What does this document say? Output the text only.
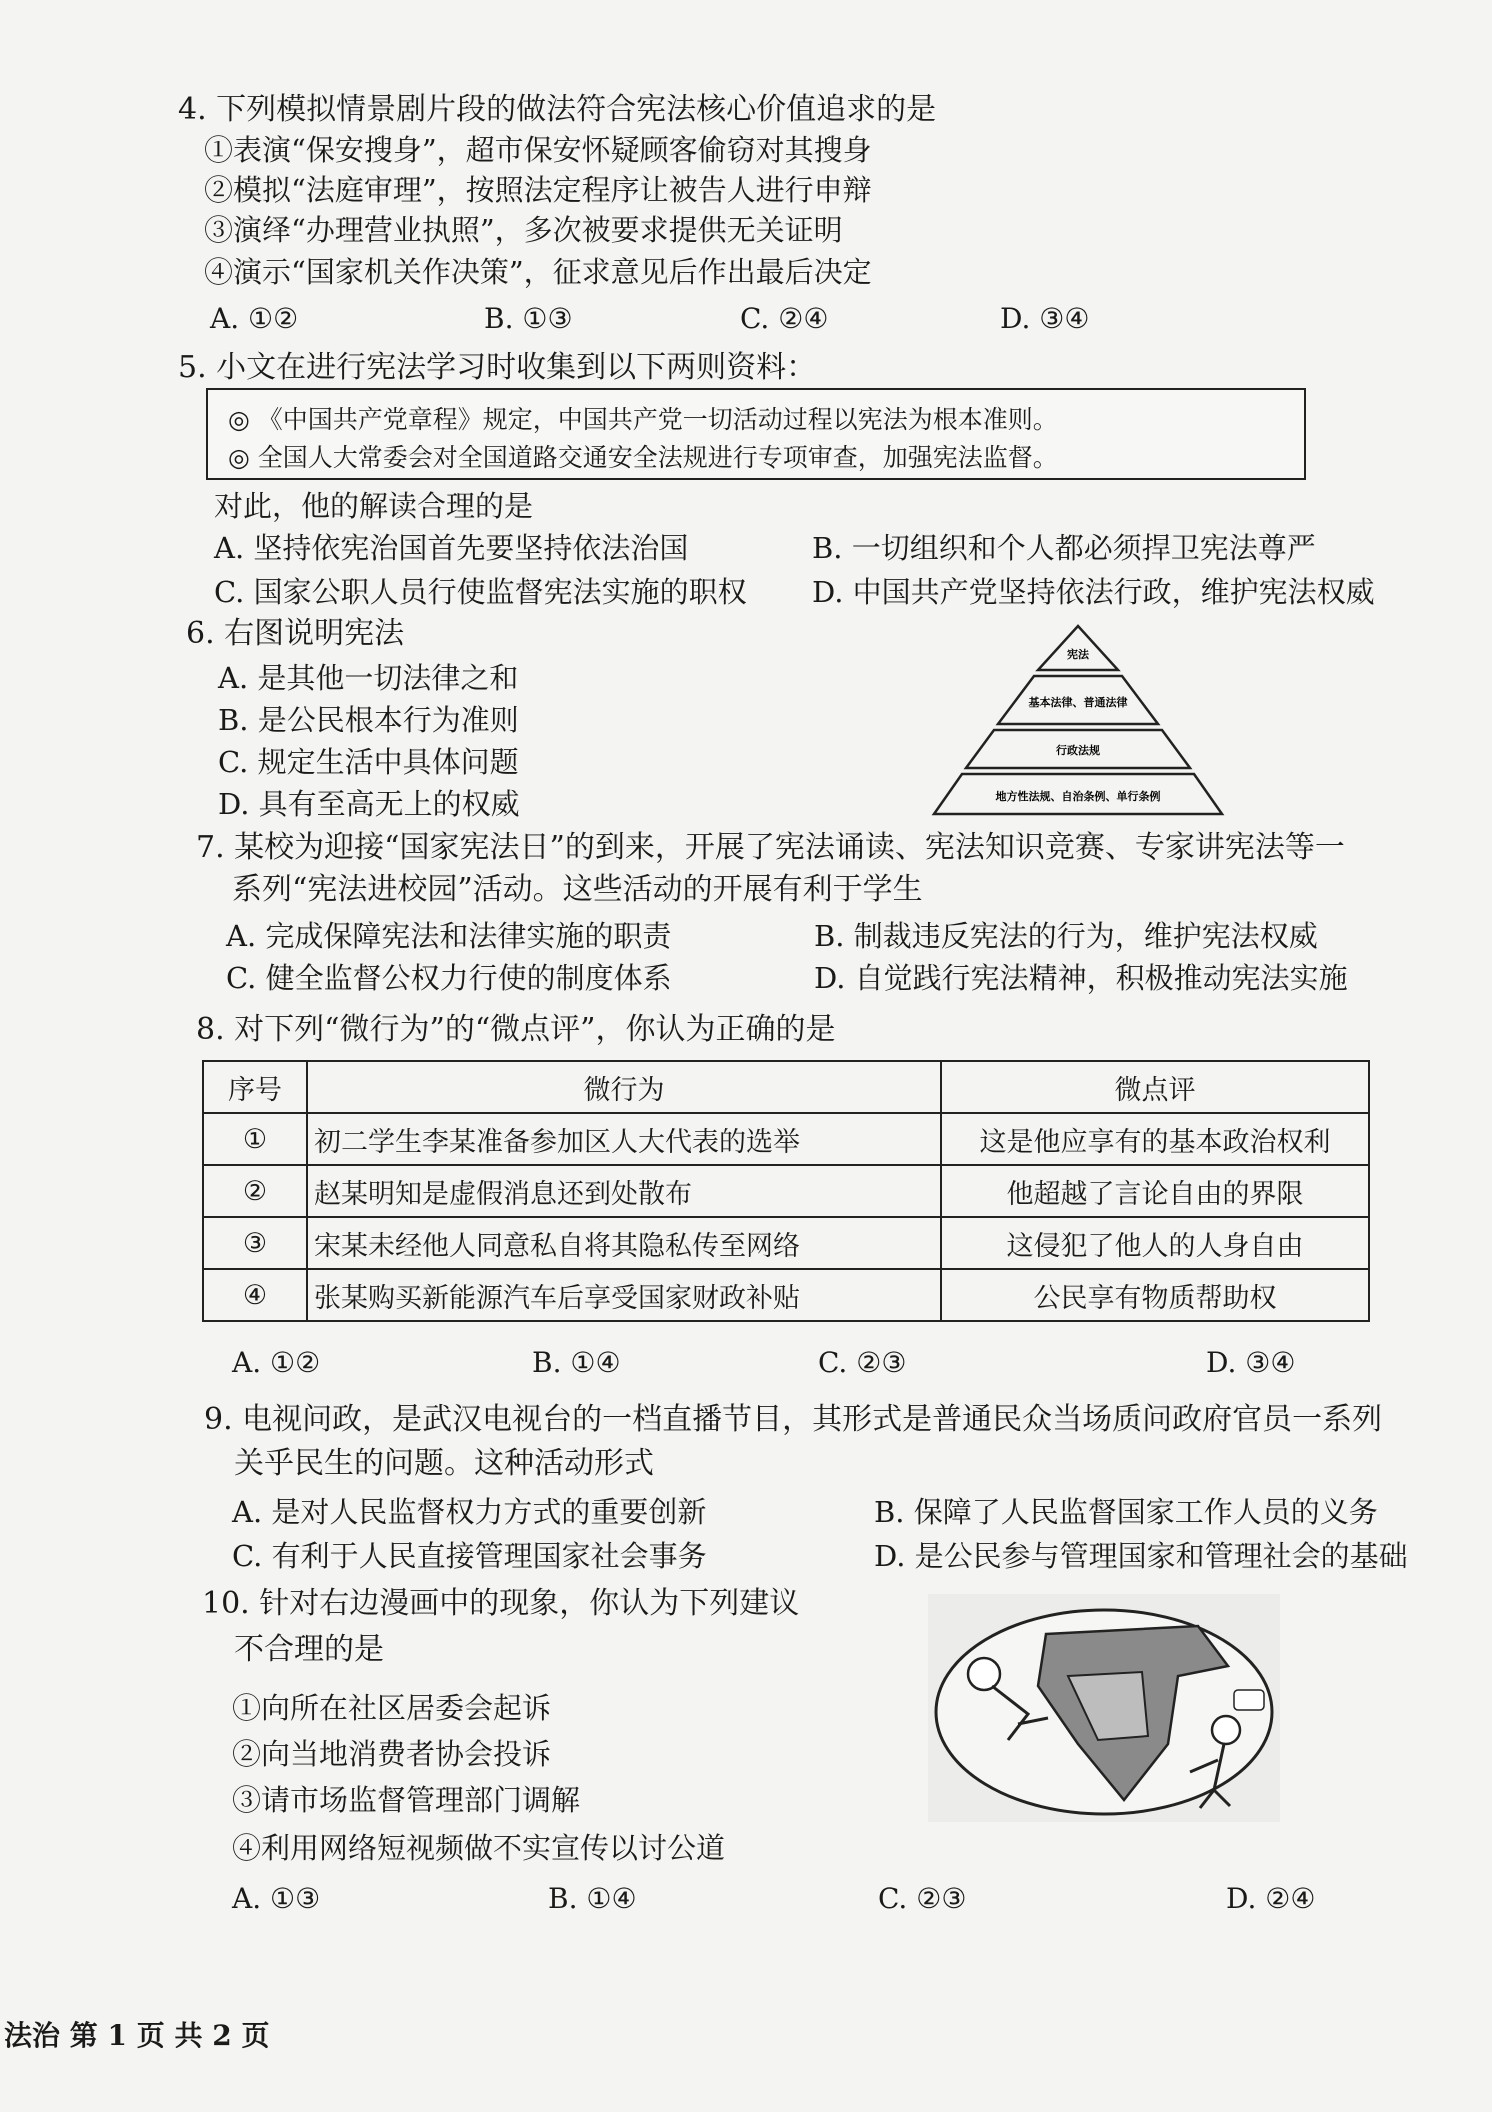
4. 下列模拟情景剧片段的做法符合宪法核心价值追求的是
①表演“保安搜身”，超市保安怀疑顾客偷窃对其搜身
②模拟“法庭审理”，按照法定程序让被告人进行申辩
③演绎“办理营业执照”，多次被要求提供无关证明
④演示“国家机关作决策”，征求意见后作出最后决定
A. ①②	B. ①③	C. ②④	D. ③④
5. 小文在进行宪法学习时收集到以下两则资料：
◎ 《中国共产党章程》规定，中国共产党一切活动过程以宪法为根本准则。
◎ 全国人大常委会对全国道路交通安全法规进行专项审查，加强宪法监督。
对此，他的解读合理的是
A. 坚持依宪治国首先要坚持依法治国	B. 一切组织和个人都必须捍卫宪法尊严
C. 国家公职人员行使监督宪法实施的职权 D. 中国共产党坚持依法行政，维护宪法权威
6. 右图说明宪法
A. 是其他一切法律之和
B. 是公民根本行为准则
C. 规定生活中具体问题
D. 具有至高无上的权威
宪法
基本法律、普通法律
行政法规
地方性法规、自治条例、单行条例
7. 某校为迎接“国家宪法日”的到来，开展了宪法诵读、宪法知识竞赛、专家讲宪法等一
系列“宪法进校园”活动。这些活动的开展有利于学生
A. 完成保障宪法和法律实施的职责	B. 制裁违反宪法的行为，维护宪法权威
C. 健全监督公权力行使的制度体系	D. 自觉践行宪法精神，积极推动宪法实施
8. 对下列“微行为”的“微点评”，你认为正确的是
序号	微行为	微点评
①	初二学生李某准备参加区人大代表的选举	这是他应享有的基本政治权利
②	赵某明知是虚假消息还到处散布	他超越了言论自由的界限
③	宋某未经他人同意私自将其隐私传至网络	这侵犯了他人的人身自由
④	张某购买新能源汽车后享受国家财政补贴	公民享有物质帮助权
A. ①②	B. ①④	C. ②③	D. ③④
9. 电视问政，是武汉电视台的一档直播节目，其形式是普通民众当场质问政府官员一系列
关乎民生的问题。这种活动形式
A. 是对人民监督权力方式的重要创新	B. 保障了人民监督国家工作人员的义务
C. 有利于人民直接管理国家社会事务	D. 是公民参与管理国家和管理社会的基础
10. 针对右边漫画中的现象，你认为下列建议
不合理的是
①向所在社区居委会起诉
②向当地消费者协会投诉
③请市场监督管理部门调解
④利用网络短视频做不实宣传以讨公道
A. ①③	B. ①④	C. ②③	D. ②④
法治 第 1 页 共 2 页
